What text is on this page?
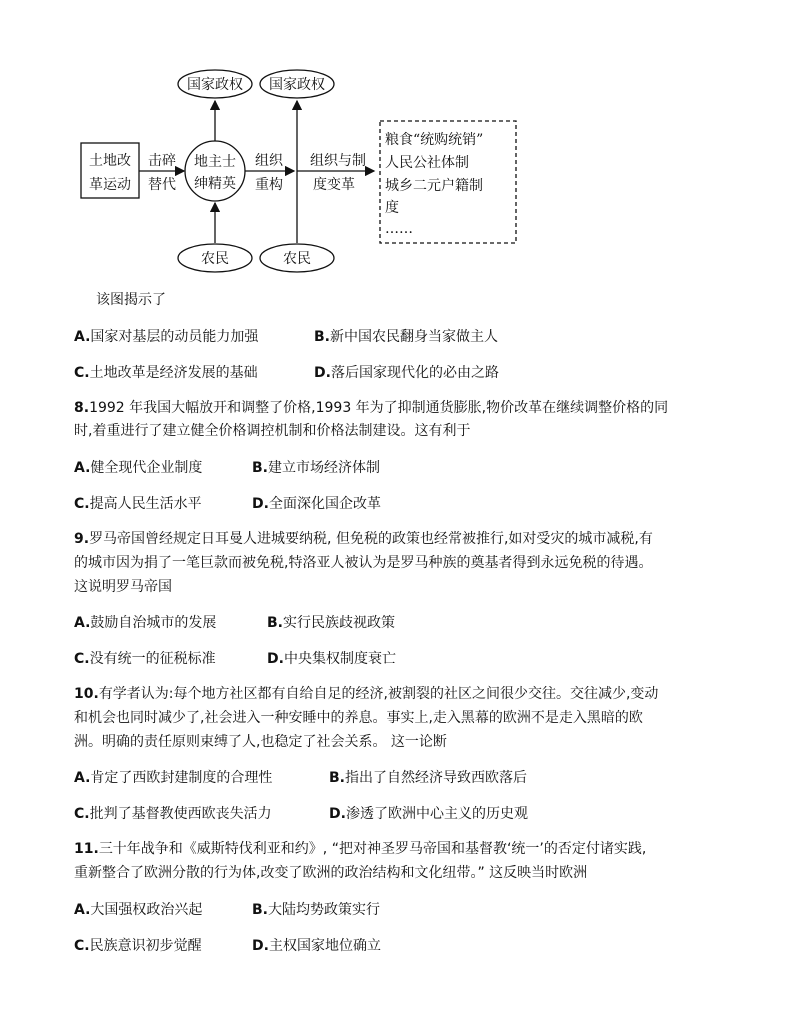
国家政权 国家政权
土地改
革运动
击碎
替代
地主士
绅精英
组织
重构
组织与制
度变革
粮食“统购统销”
人民公社体制
城乡二元户籍制
度
……
农民	农民
该图揭示了
A.国家对基层的动员能力加强	B.新中国农民翻身当家做主人
C.土地改革是经济发展的基础	D.落后国家现代化的必由之路
8.1992 年我国大幅放开和调整了价格,1993 年为了抑制通货膨胀,物价改革在继续调整价格的同
时,着重进行了建立健全价格调控机制和价格法制建设。这有利于
A.健全现代企业制度	B.建立市场经济体制
C.提高人民生活水平	D.全面深化国企改革
9.罗马帝国曾经规定日耳曼人进城要纳税, 但免税的政策也经常被推行,如对受灾的城市减税,有
的城市因为捐了一笔巨款而被免税,特洛亚人被认为是罗马种族的奠基者得到永远免税的待遇。
这说明罗马帝国
A.鼓励自治城市的发展	B.实行民族歧视政策
C.没有统一的征税标准	D.中央集权制度衰亡
10.有学者认为:每个地方社区都有自给自足的经济,被割裂的社区之间很少交往。交往减少,变动
和机会也同时减少了,社会进入一种安睡中的养息。事实上,走入黑幕的欧洲不是走入黑暗的欧
洲。明确的责任原则束缚了人,也稳定了社会关系。 这一论断
A.肯定了西欧封建制度的合理性	B.指出了自然经济导致西欧落后
C.批判了基督教使西欧丧失活力	D.渗透了欧洲中心主义的历史观
11.三十年战争和《威斯特伐利亚和约》, “把对神圣罗马帝国和基督教‘统一’的否定付诸实践,
重新整合了欧洲分散的行为体,改变了欧洲的政治结构和文化纽带。” 这反映当时欧洲
A.大国强权政治兴起	B.大陆均势政策实行
C.民族意识初步觉醒	D.主权国家地位确立
